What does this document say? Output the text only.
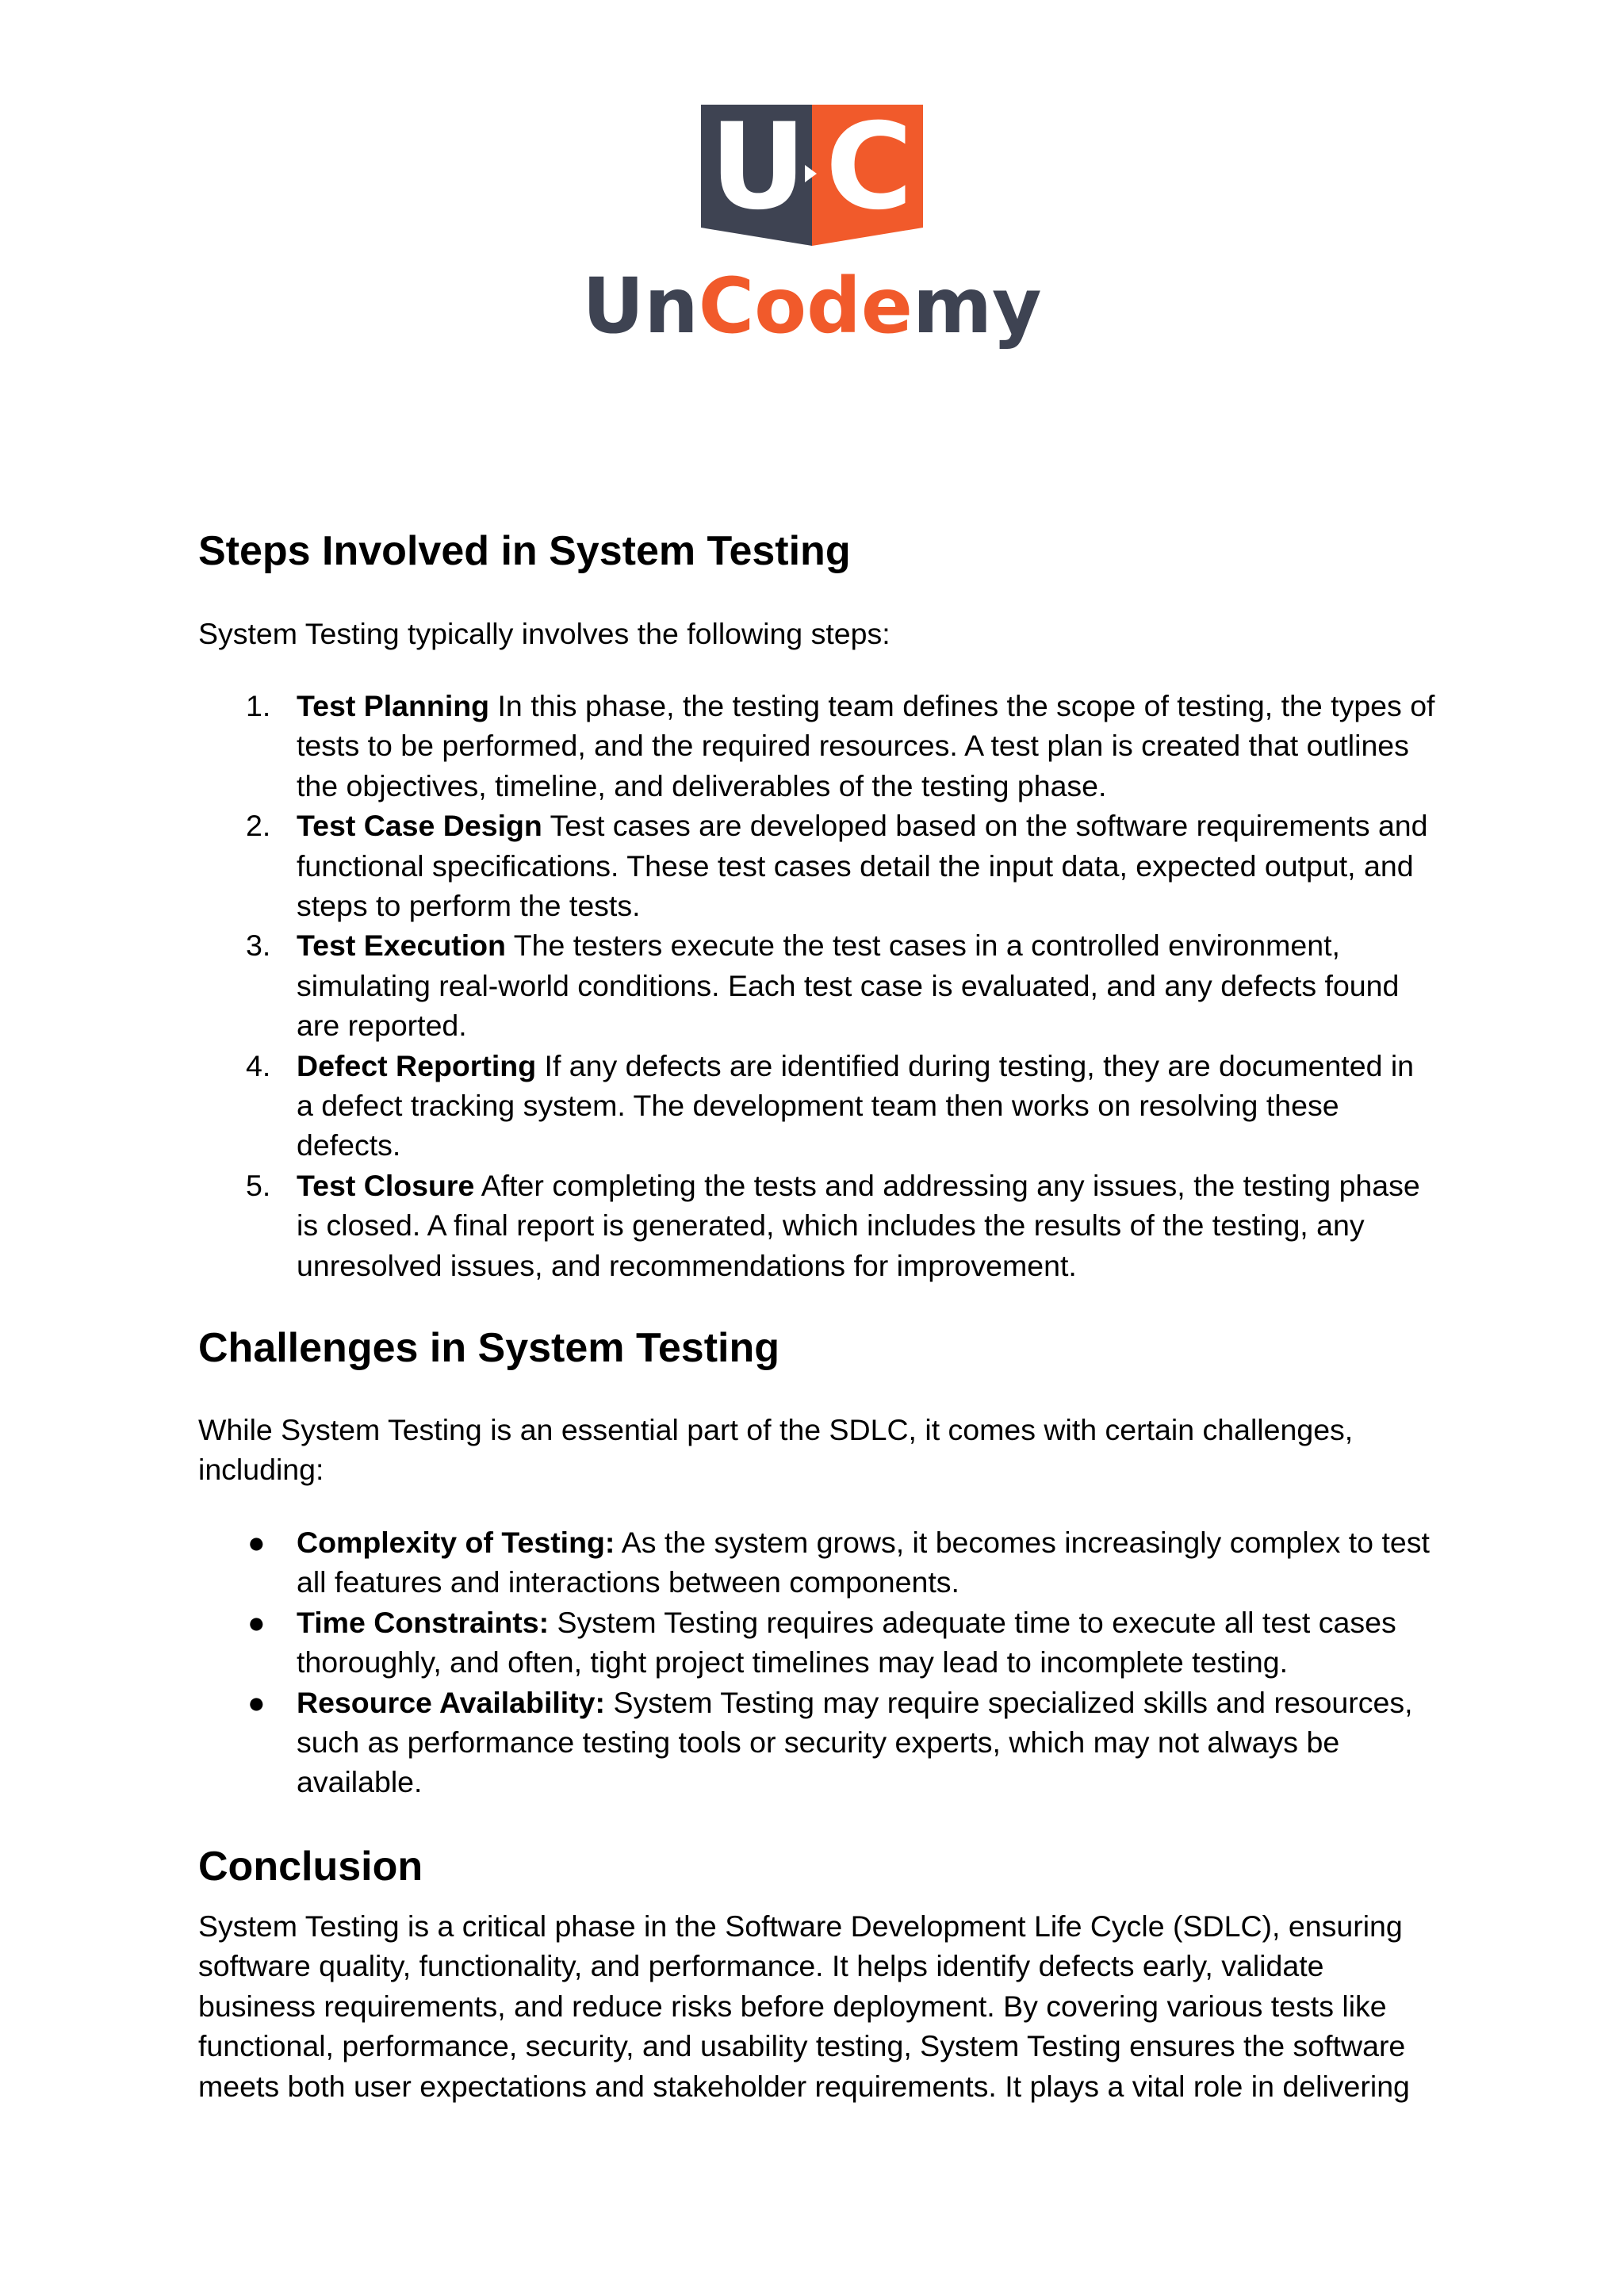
U C
UnCodemy
Steps Involved in System Testing

System Testing typically involves the following steps:

1. Test Planning In this phase, the testing team defines the scope of testing, the types of tests to be performed, and the required resources. A test plan is created that outlines the objectives, timeline, and deliverables of the testing phase.
2. Test Case Design Test cases are developed based on the software requirements and functional specifications. These test cases detail the input data, expected output, and steps to perform the tests.
3. Test Execution The testers execute the test cases in a controlled environment, simulating real-world conditions. Each test case is evaluated, and any defects found are reported.
4. Defect Reporting If any defects are identified during testing, they are documented in a defect tracking system. The development team then works on resolving these defects.
5. Test Closure After completing the tests and addressing any issues, the testing phase is closed. A final report is generated, which includes the results of the testing, any unresolved issues, and recommendations for improvement.
Challenges in System Testing

While System Testing is an essential part of the SDLC, it comes with certain challenges, including:

● Complexity of Testing: As the system grows, it becomes increasingly complex to test all features and interactions between components.
● Time Constraints: System Testing requires adequate time to execute all test cases thoroughly, and often, tight project timelines may lead to incomplete testing.
● Resource Availability: System Testing may require specialized skills and resources, such as performance testing tools or security experts, which may not always be available.
Conclusion

System Testing is a critical phase in the Software Development Life Cycle (SDLC), ensuring software quality, functionality, and performance. It helps identify defects early, validate business requirements, and reduce risks before deployment. By covering various tests like functional, performance, security, and usability testing, System Testing ensures the software meets both user expectations and stakeholder requirements. It plays a vital role in delivering
